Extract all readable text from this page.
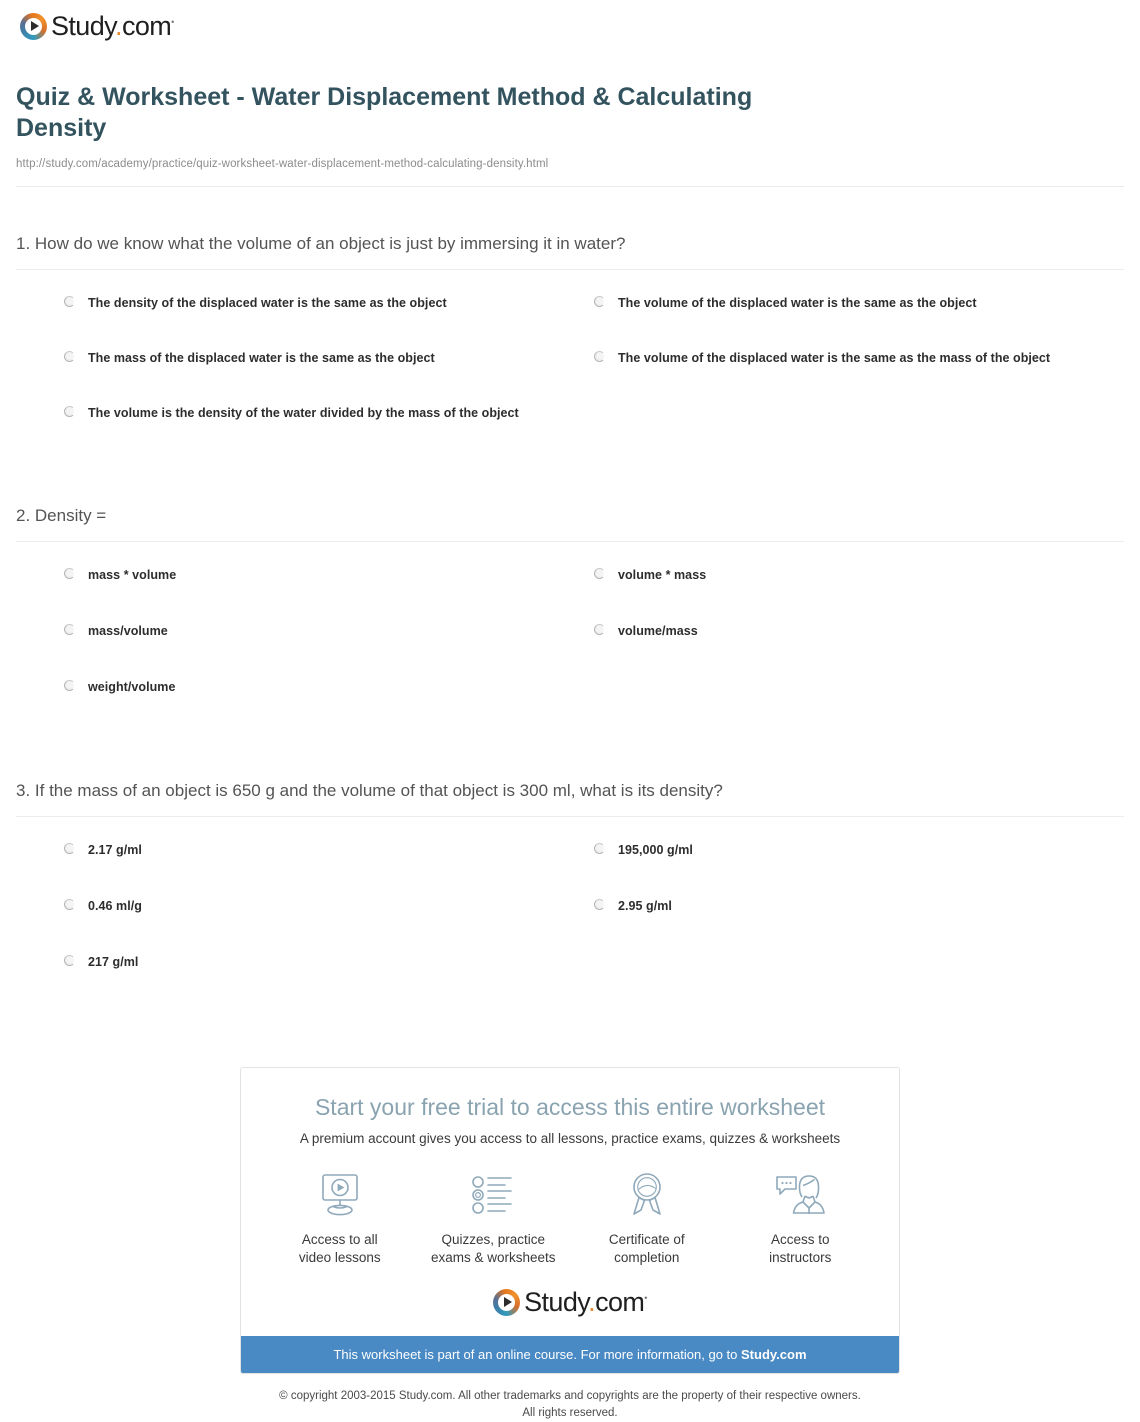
Study.com•
Quiz & Worksheet - Water Displacement Method & Calculating Density
http://study.com/academy/practice/quiz-worksheet-water-displacement-method-calculating-density.html
1. How do we know what the volume of an object is just by immersing it in water?
The density of the displaced water is the same as the object	The volume of the displaced water is the same as the object
The mass of the displaced water is the same as the object	The volume of the displaced water is the same as the mass of the object
The volume is the density of the water divided by the mass of the object
2. Density =
mass * volume	volume * mass
mass/volume	volume/mass
weight/volume
3. If the mass of an object is 650 g and the volume of that object is 300 ml, what is its density?
2.17 g/ml	195,000 g/ml
0.46 ml/g	2.95 g/ml
217 g/ml
Start your free trial to access this entire worksheet
A premium account gives you access to all lessons, practice exams, quizzes & worksheets
Access to all
video lessons
Quizzes, practice
exams & worksheets
Certificate of
completion
Access to
instructors
Study.com•
This worksheet is part of an online course. For more information, go to Study.com
© copyright 2003-2015 Study.com. All other trademarks and copyrights are the property of their respective owners.
All rights reserved.
